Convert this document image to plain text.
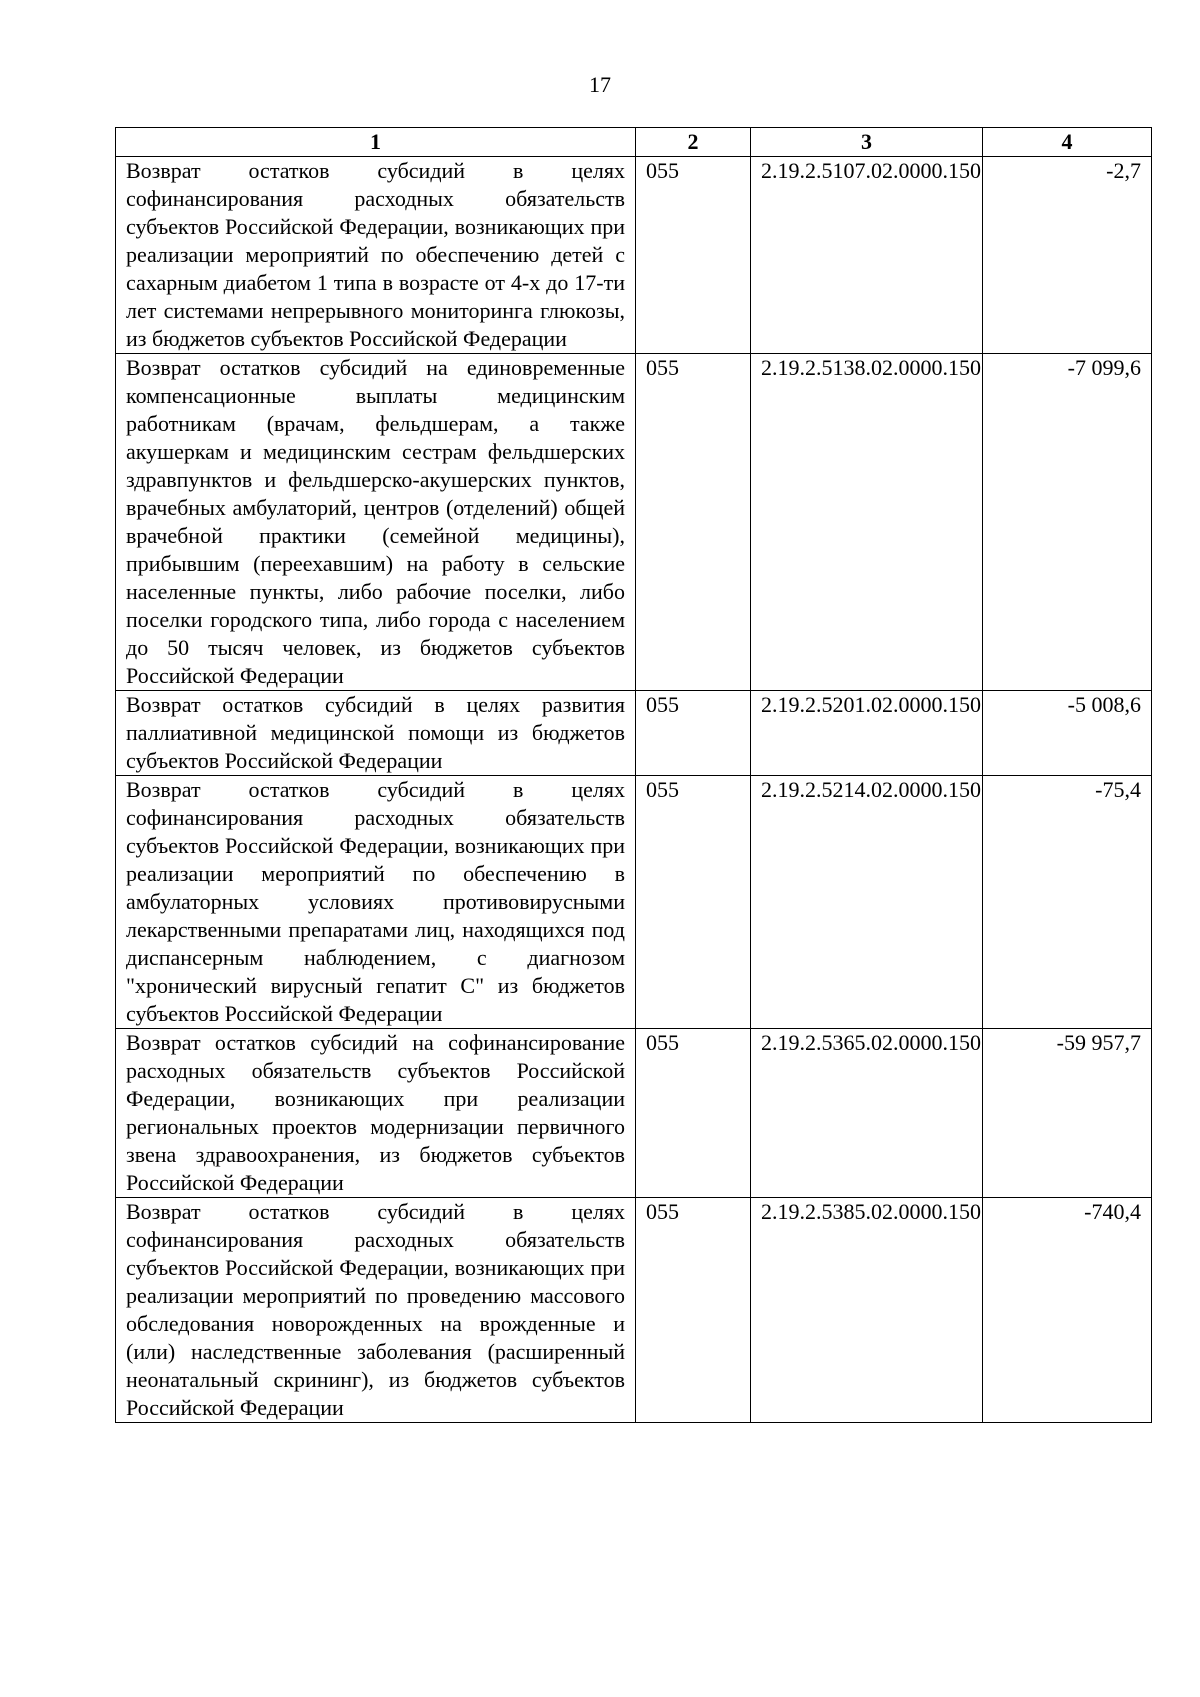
17
1	2	3	4
Возврат остатков субсидий в целях софинансирования расходных обязательств субъектов Российской Федерации, возникающих при реализации мероприятий по обеспечению детей с сахарным диабетом 1 типа в возрасте от 4-х до 17-ти лет системами непрерывного мониторинга глюкозы, из бюджетов субъектов Российской Федерации	055	2.19.2.5107.02.0000.150	-2,7
Возврат остатков субсидий на единовременные компенсационные выплаты медицинским работникам (врачам, фельдшерам, а также акушеркам и медицинским сестрам фельдшерских здравпунктов и фельдшерско-акушерских пунктов, врачебных амбулаторий, центров (отделений) общей врачебной практики (семейной медицины), прибывшим (переехавшим) на работу в сельские населенные пункты, либо рабочие поселки, либо поселки городского типа, либо города с населением до 50 тысяч человек, из бюджетов субъектов Российской Федерации	055	2.19.2.5138.02.0000.150	-7 099,6
Возврат остатков субсидий в целях развития паллиативной медицинской помощи из бюджетов субъектов Российской Федерации	055	2.19.2.5201.02.0000.150	-5 008,6
Возврат остатков субсидий в целях софинансирования расходных обязательств субъектов Российской Федерации, возникающих при реализации мероприятий по обеспечению в амбулаторных условиях противовирусными лекарственными препаратами лиц, находящихся под диспансерным наблюдением, с диагнозом "хронический вирусный гепатит С" из бюджетов субъектов Российской Федерации	055	2.19.2.5214.02.0000.150	-75,4
Возврат остатков субсидий на софинансирование расходных обязательств субъектов Российской Федерации, возникающих при реализации региональных проектов модернизации первичного звена здравоохранения, из бюджетов субъектов Российской Федерации	055	2.19.2.5365.02.0000.150	-59 957,7
Возврат остатков субсидий в целях софинансирования расходных обязательств субъектов Российской Федерации, возникающих при реализации мероприятий по проведению массового обследования новорожденных на врожденные и (или) наследственные заболевания (расширенный неонатальный скрининг), из бюджетов субъектов Российской Федерации	055	2.19.2.5385.02.0000.150	-740,4
